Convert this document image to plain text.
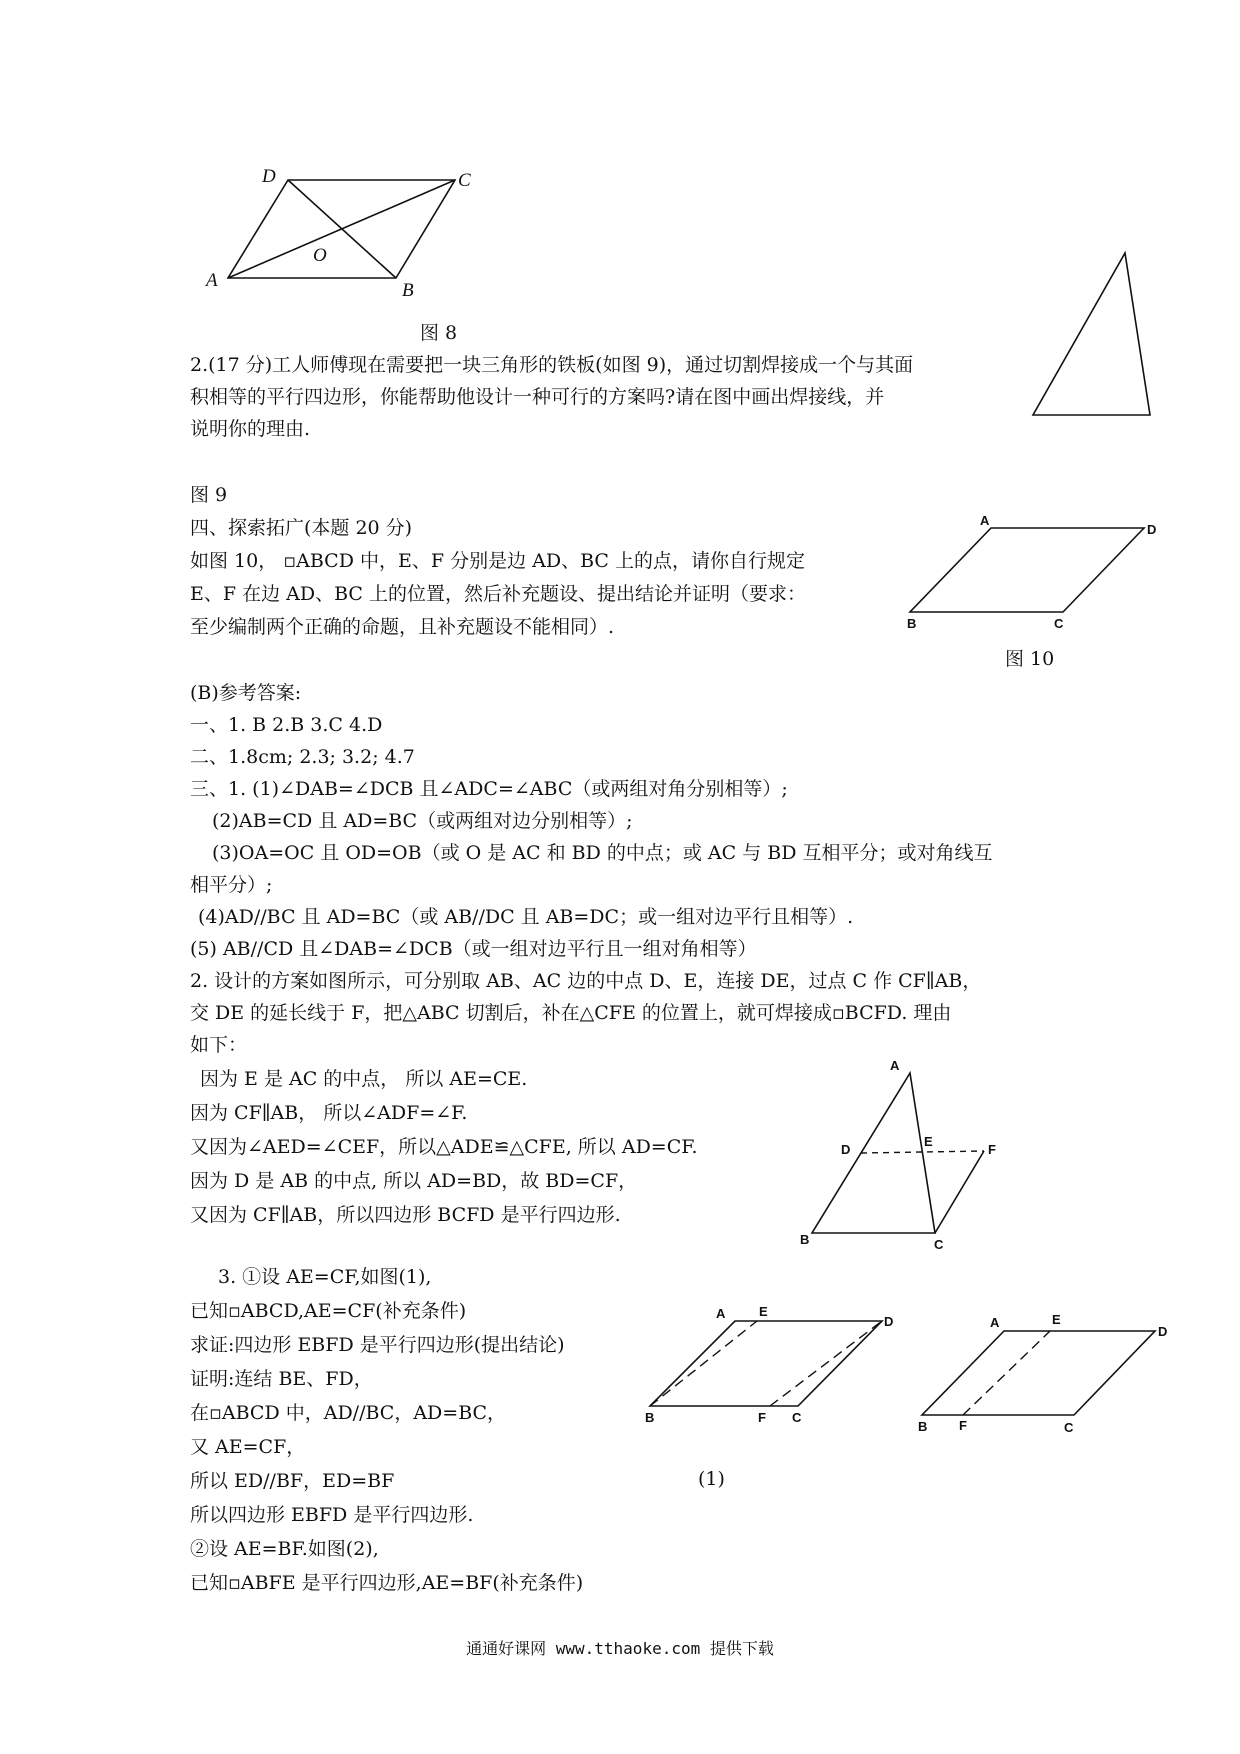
D	C
O
A	B
图 8
2.(17 分)工人师傅现在需要把一块三角形的铁板(如图 9)，通过切割焊接成一个与其面
积相等的平行四边形，你能帮助他设计一种可行的方案吗?请在图中画出焊接线，并
说明你的理由.
图 9
四、探索拓广(本题 20 分)
如图 10， ▫ABCD 中，E、F 分别是边 AD、BC 上的点，请你自行规定
E、F 在边 AD、BC 上的位置，然后补充题设、提出结论并证明（要求：
至少编制两个正确的命题，且补充题设不能相同）.
A
D
B	C
图 10
(B)参考答案:
一、1. B 2.B 3.C 4.D
二、1.8cm; 2.3; 3.2; 4.7
三、1. (1)∠DAB=∠DCB 且∠ADC=∠ABC（或两组对角分别相等）;
(2)AB=CD 且 AD=BC（或两组对边分别相等）;
(3)OA=OC 且 OD=OB（或 O 是 AC 和 BD 的中点；或 AC 与 BD 互相平分；或对角线互
相平分）;
(4)AD//BC 且 AD=BC（或 AB//DC 且 AB=DC；或一组对边平行且相等）.
(5) AB//CD 且∠DAB=∠DCB（或一组对边平行且一组对角相等）
2. 设计的方案如图所示，可分别取 AB、AC 边的中点 D、E，连接 DE，过点 C 作 CF∥AB，
交 DE 的延长线于 F，把△ABC 切割后，补在△CFE 的位置上，就可焊接成▫BCFD. 理由
如下：
因为 E 是 AC 的中点， 所以 AE=CE.
因为 CF∥AB， 所以∠ADF=∠F.
又因为∠AED=∠CEF，所以△ADE≌△CFE, 所以 AD=CF.
因为 D 是 AB 的中点, 所以 AD=BD，故 BD=CF，
又因为 CF∥AB，所以四边形 BCFD 是平行四边形.
A
D
E
F
B	C
3. ①设 AE=CF,如图(1),
已知▫ABCD,AE=CF(补充条件)
求证:四边形 EBFD 是平行四边形(提出结论)
证明:连结 BE、FD，
在▫ABCD 中，AD//BC，AD=BC，
又 AE=CF，
所以 ED//BF，ED=BF
所以四边形 EBFD 是平行四边形.
②设 AE=BF.如图(2),
已知▫ABFE 是平行四边形,AE=BF(补充条件)
A	E
D
B	F C
(1)
A	E
D
B F	C
通通好课网 www.tthaoke.com 提供下载
